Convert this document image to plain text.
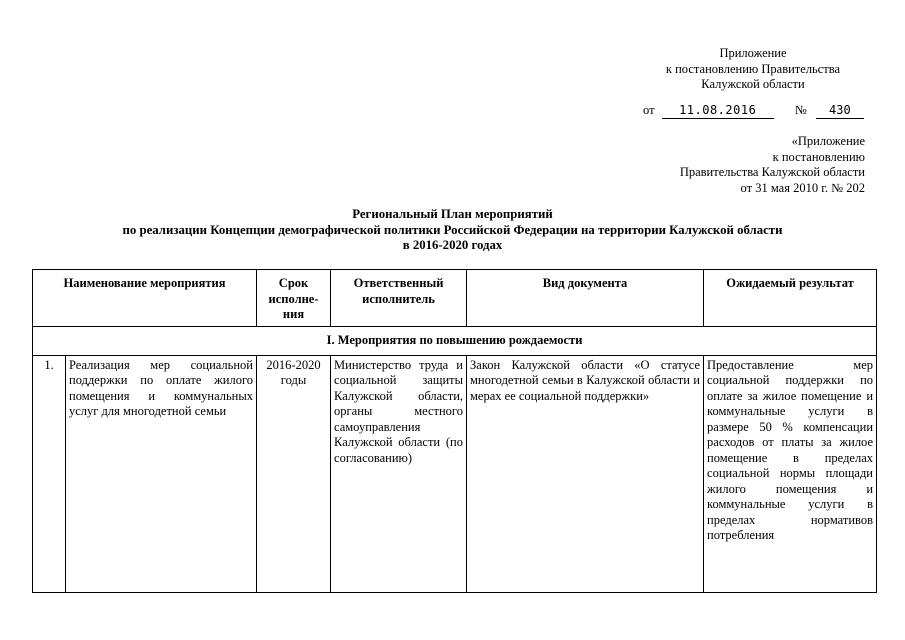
Приложение
к постановлению Правительства
Калужской области
от 11.08.2016	№ 430
«Приложение
к постановлению
Правительства Калужской области
от 31 мая 2010 г. № 202
Региональный План мероприятий
по реализации Концепции демографической политики Российской Федерации на территории Калужской области
в 2016-2020 годах
Наименование мероприятия		Срок исполне-ния	Ответственный исполнитель	Вид документа	Ожидаемый результат
I. Мероприятия по повышению рождаемости					
1.	Реализация мер социальной поддержки по оплате жилого помещения и коммунальных услуг для многодетной семьи	2016-2020 годы	Министерство труда и социальной защиты Калужской области, органы местного самоуправления Калужской области (по согласованию)	Закон Калужской области «О статусе многодетной семьи в Калужской области и мерах ее социальной поддержки»	Предоставление мер социальной поддержки по оплате за жилое помещение и коммунальные услуги в размере 50 % компенсации расходов от платы за жилое помещение в пределах социальной нормы площади жилого помещения и коммунальные услуги в пределах нормативов потребления
